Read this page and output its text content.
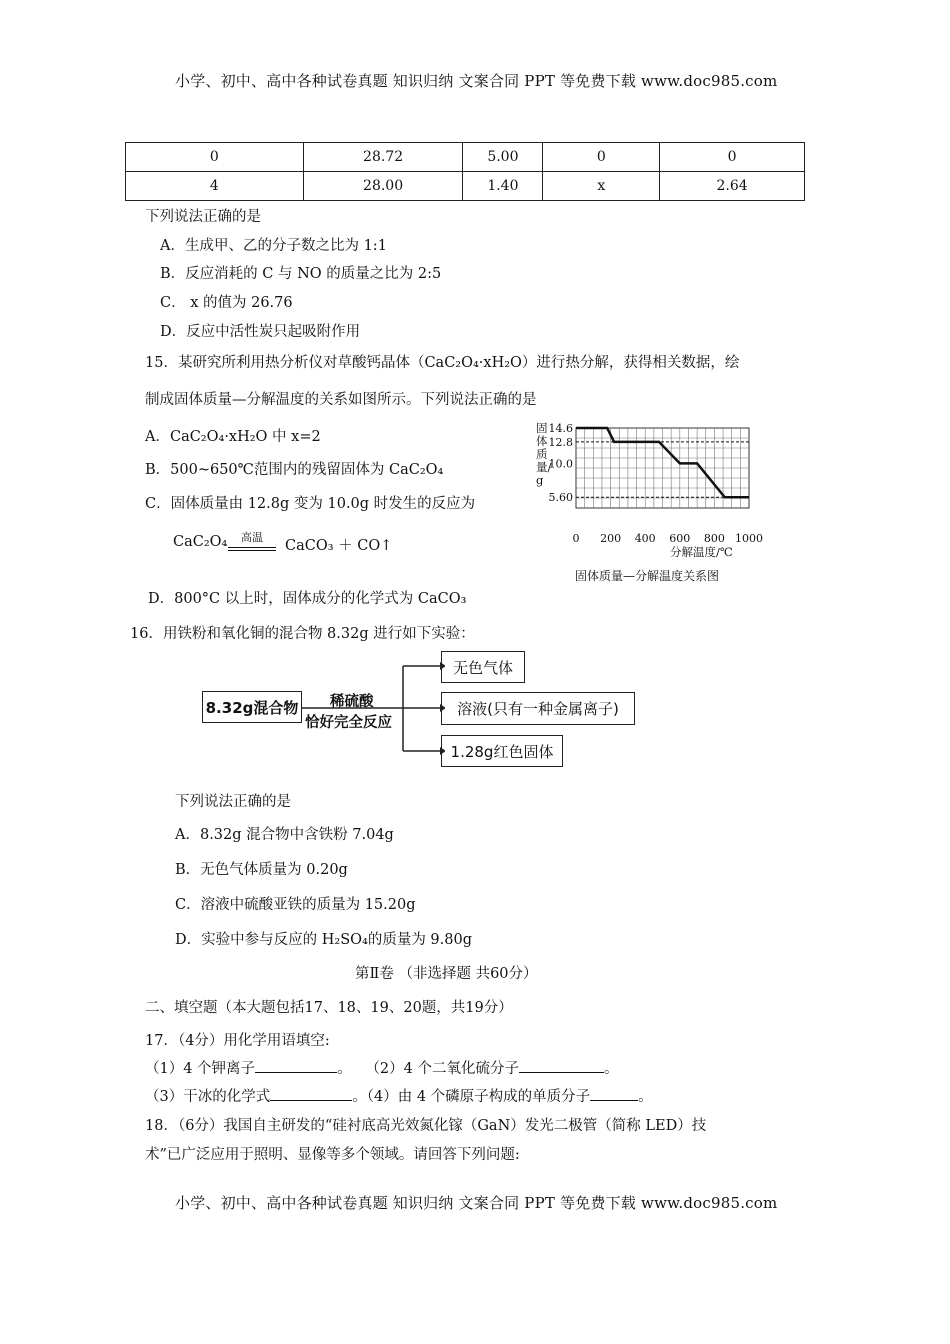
小学、初中、高中各种试卷真题 知识归纳 文案合同 PPT 等免费下载 www.doc985.com
0	28.72	5.00	0	0
4	28.00	1.40	x	2.64
下列说法正确的是
A．生成甲、乙的分子数之比为 1:1
B．反应消耗的 C 与 NO 的质量之比为 2:5
C． x 的值为 26.76
D．反应中活性炭只起吸附作用
15．某研究所利用热分析仪对草酸钙晶体（CaC₂O₄·xH₂O）进行热分解，获得相关数据，绘
制成固体质量—分解温度的关系如图所示。下列说法正确的是
A．CaC₂O₄·xH₂O 中 x=2
B．500~650℃范围内的残留固体为 CaC₂O₄
C．固体质量由 12.8g 变为 10.0g 时发生的反应为
CaC₂O₄	高温
CaCO₃ ＋ CO↑
D．800°C 以上时，固体成分的化学式为 CaCO₃
14.6
12.8
10.0
5.60
0 200 400 600 800 1000
固体质量/g
分解温度/℃
固体质量—分解温度关系图
16．用铁粉和氧化铜的混合物 8.32g 进行如下实验：
8.32g混合物 稀硫酸
恰好完全反应
无色气体
溶液(只有一种金属离子)
1.28g红色固体
下列说法正确的是
A．8.32g 混合物中含铁粉 7.04g
B．无色气体质量为 0.20g
C．溶液中硫酸亚铁的质量为 15.20g
D．实验中参与反应的 H₂SO₄的质量为 9.80g
第Ⅱ卷 （非选择题 共60分）
二、填空题（本大题包括17、18、19、20题，共19分）
17．（4分）用化学用语填空:
（1）4 个钾离子	。 （2）4 个二氧化硫分子	。
（3）干冰的化学式	。（4）由 4 个磷原子构成的单质分子	。
18．（6分）我国自主研发的“硅衬底高光效氮化镓（GaN）发光二极管（简称 LED）技
术”已广泛应用于照明、显像等多个领域。请回答下列问题:
小学、初中、高中各种试卷真题 知识归纳 文案合同 PPT 等免费下载 www.doc985.com
